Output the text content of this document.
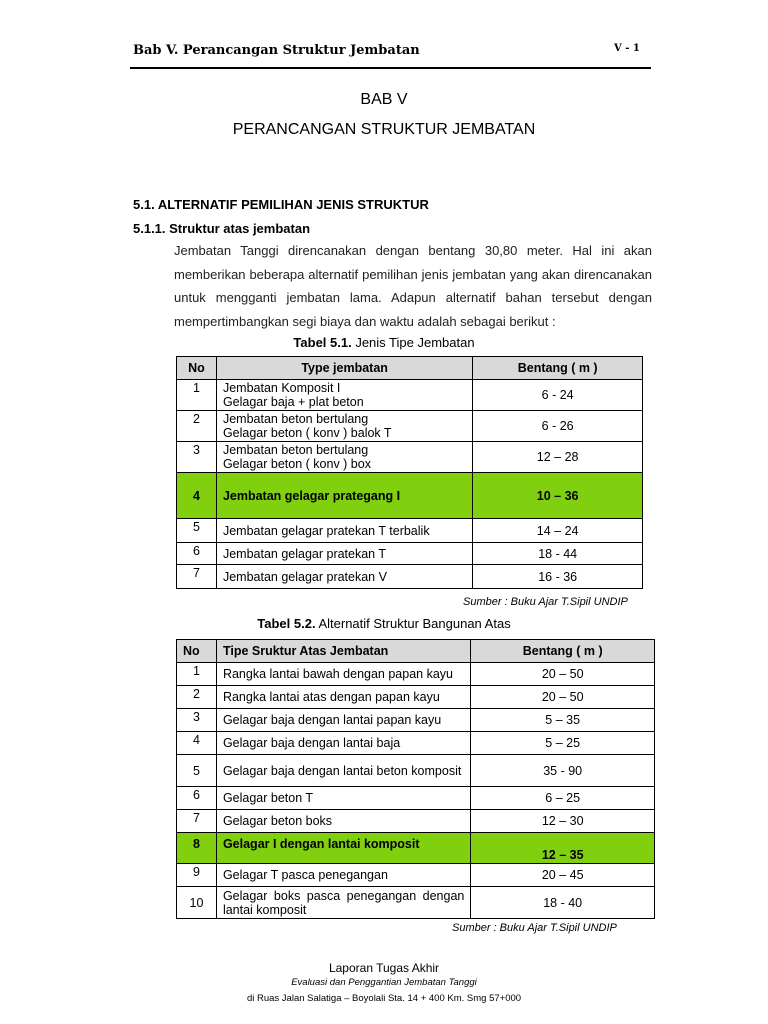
Bab V. Perancangan Struktur Jembatan	V - 1
BAB V
PERANCANGAN STRUKTUR JEMBATAN
5.1. ALTERNATIF PEMILIHAN JENIS STRUKTUR
5.1.1. Struktur atas jembatan
Jembatan Tanggi direncanakan dengan bentang 30,80 meter. Hal ini akan
memberikan beberapa alternatif pemilihan jenis jembatan yang akan direncanakan
untuk mengganti jembatan lama. Adapun alternatif bahan tersebut dengan
mempertimbangkan segi biaya dan waktu adalah sebagai berikut :
Tabel 5.1. Jenis Tipe Jembatan
No	Type jembatan	Bentang ( m )
1	Jembatan Komposit I
Gelagar baja + plat beton	6 - 24
2	Jembatan beton bertulang
Gelagar beton ( konv ) balok T	6 - 26
3	Jembatan beton bertulang
Gelagar beton ( konv ) box	12 – 28
4	Jembatan gelagar prategang I	10 – 36
5	Jembatan gelagar pratekan T terbalik	14 – 24
6	Jembatan gelagar pratekan T	18 - 44
7	Jembatan gelagar pratekan V	16 - 36
Sumber : Buku Ajar T.Sipil UNDIP
Tabel 5.2. Alternatif Struktur Bangunan Atas
No	Tipe Sruktur Atas Jembatan	Bentang ( m )
1	Rangka lantai bawah dengan papan kayu	20 – 50
2	Rangka lantai atas dengan papan kayu	20 – 50
3	Gelagar baja dengan lantai papan kayu	5 – 35
4	Gelagar baja dengan lantai baja	5 – 25
5	Gelagar baja dengan lantai beton komposit	35 - 90
6	Gelagar beton T	6 – 25
7	Gelagar beton boks	12 – 30
8	Gelagar I dengan lantai komposit	12 – 35
9	Gelagar T pasca penegangan	20 – 45
10	Gelagar boks pasca penegangan dengan lantai komposit	18 - 40
Sumber : Buku Ajar T.Sipil UNDIP
Laporan Tugas Akhir
Evaluasi dan Penggantian Jembatan Tanggi
di Ruas Jalan Salatiga – Boyolali Sta. 14 + 400 Km. Smg 57+000
